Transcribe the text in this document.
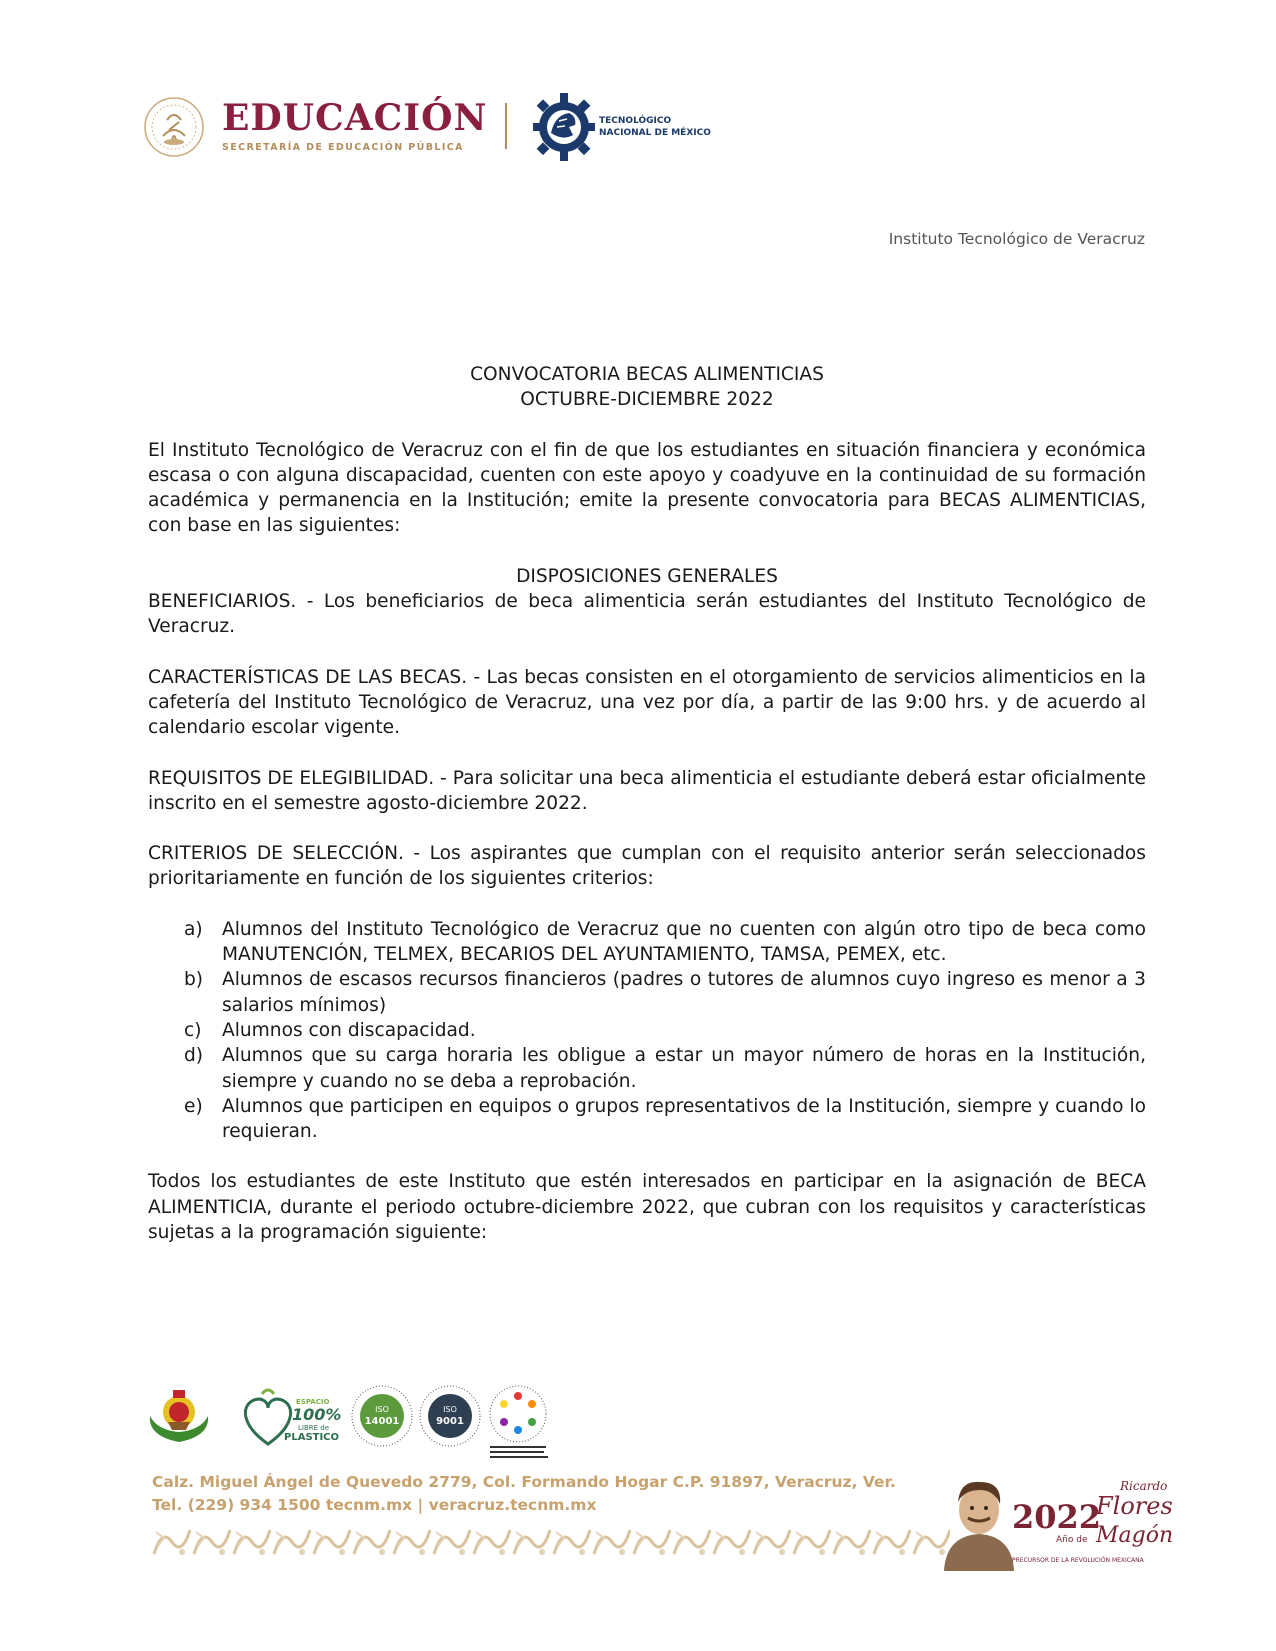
EDUCACIÓN
SECRETARÍA DE EDUCACIÓN PÚBLICA
TECNOLÓGICO
NACIONAL DE MÉXICO
Instituto Tecnológico de Veracruz
CONVOCATORIA BECAS ALIMENTICIAS
OCTUBRE-DICIEMBRE 2022
El Instituto Tecnológico de Veracruz con el fin de que los estudiantes en situación financiera y económica escasa o con alguna discapacidad, cuenten con este apoyo y coadyuve en la continuidad de su formación académica y permanencia en la Institución; emite la presente convocatoria para BECAS ALIMENTICIAS, con base en las siguientes:
DISPOSICIONES GENERALES
BENEFICIARIOS. - Los beneficiarios de beca alimenticia serán estudiantes del Instituto Tecnológico de Veracruz.
CARACTERÍSTICAS DE LAS BECAS. - Las becas consisten en el otorgamiento de servicios alimenticios en la cafetería del Instituto Tecnológico de Veracruz, una vez por día, a partir de las 9:00 hrs. y de acuerdo al calendario escolar vigente.
REQUISITOS DE ELEGIBILIDAD. - Para solicitar una beca alimenticia el estudiante deberá estar oficialmente inscrito en el semestre agosto-diciembre 2022.
CRITERIOS DE SELECCIÓN. - Los aspirantes que cumplan con el requisito anterior serán seleccionados prioritariamente en función de los siguientes criterios:
a) Alumnos del Instituto Tecnológico de Veracruz que no cuenten con algún otro tipo de beca como MANUTENCIÓN, TELMEX, BECARIOS DEL AYUNTAMIENTO, TAMSA, PEMEX, etc.
b) Alumnos de escasos recursos financieros (padres o tutores de alumnos cuyo ingreso es menor a 3 salarios mínimos)
c) Alumnos con discapacidad.
d) Alumnos que su carga horaria les obligue a estar un mayor número de horas en la Institución, siempre y cuando no se deba a reprobación.
e) Alumnos que participen en equipos o grupos representativos de la Institución, siempre y cuando lo requieran.
Todos los estudiantes de este Instituto que estén interesados en participar en la asignación de BECA ALIMENTICIA, durante el periodo octubre-diciembre 2022, que cubran con los requisitos y características sujetas a la programación siguiente:
ESPACIO
100%
LIBRE de
PLASTICO
ISO
14001
ISO
9001
Calz. Miguel Ángel de Quevedo 2779, Col. Formando Hogar C.P. 91897, Veracruz, Ver.
Tel. (229) 934 1500 tecnm.mx | veracruz.tecnm.mx
Ricardo
2022
Flores
Año de Magón
PRECURSOR DE LA REVOLUCIÓN MEXICANA
